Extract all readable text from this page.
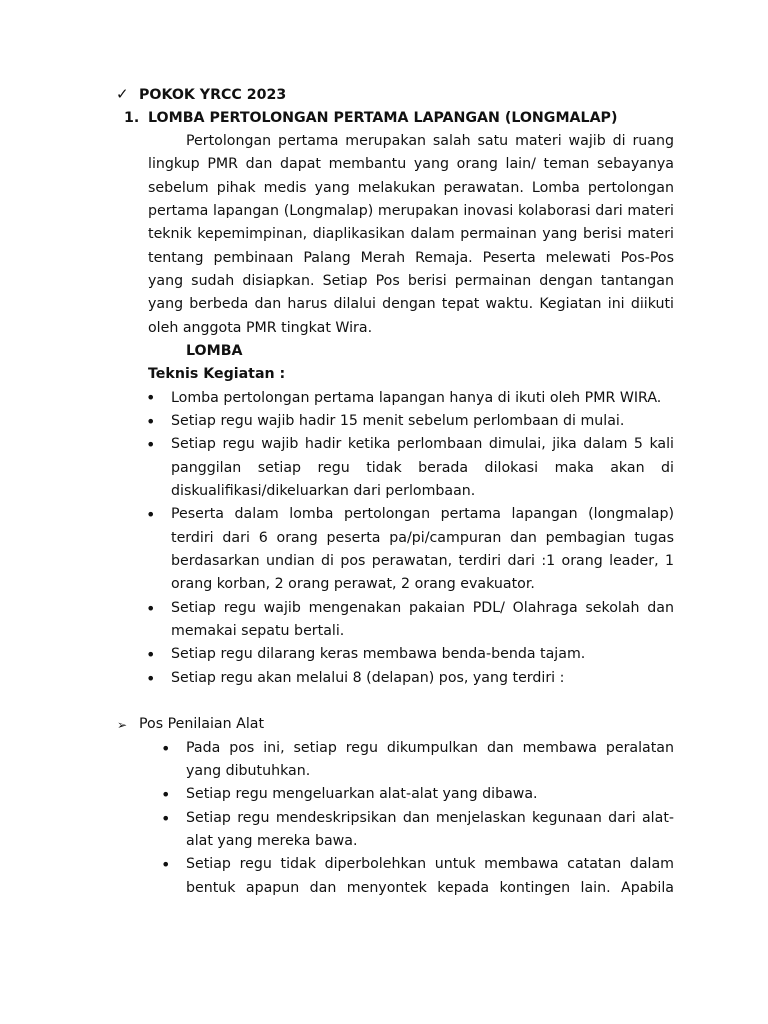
✓ POKOK YRCC 2023
1. LOMBA PERTOLONGAN PERTAMA LAPANGAN (LONGMALAP)
Pertolongan pertama merupakan salah satu materi wajib di ruang
lingkup PMR dan dapat membantu yang orang lain/ teman sebayanya
sebelum pihak medis yang melakukan perawatan. Lomba pertolongan
pertama lapangan (Longmalap) merupakan inovasi kolaborasi dari materi
teknik kepemimpinan, diaplikasikan dalam permainan yang berisi materi
tentang pembinaan Palang Merah Remaja. Peserta melewati Pos-Pos
yang sudah disiapkan. Setiap Pos berisi permainan dengan tantangan
yang berbeda dan harus dilalui dengan tepat waktu. Kegiatan ini diikuti
oleh anggota PMR tingkat Wira.
LOMBA
Teknis Kegiatan :
• Lomba pertolongan pertama lapangan hanya di ikuti oleh PMR WIRA.
• Setiap regu wajib hadir 15 menit sebelum perlombaan di mulai.
• Setiap regu wajib hadir ketika perlombaan dimulai, jika dalam 5 kali
panggilan setiap regu tidak berada dilokasi maka akan di
diskualifikasi/dikeluarkan dari perlombaan.
• Peserta dalam lomba pertolongan pertama lapangan (longmalap)
terdiri dari 6 orang peserta pa/pi/campuran dan pembagian tugas
berdasarkan undian di pos perawatan, terdiri dari :1 orang leader, 1
orang korban, 2 orang perawat, 2 orang evakuator.
• Setiap regu wajib mengenakan pakaian PDL/ Olahraga sekolah dan
memakai sepatu bertali.
• Setiap regu dilarang keras membawa benda-benda tajam.
• Setiap regu akan melalui 8 (delapan) pos, yang terdiri :
➢ Pos Penilaian Alat
• Pada pos ini, setiap regu dikumpulkan dan membawa peralatan
yang dibutuhkan.
• Setiap regu mengeluarkan alat-alat yang dibawa.
• Setiap regu mendeskripsikan dan menjelaskan kegunaan dari alat-
alat yang mereka bawa.
• Setiap regu tidak diperbolehkan untuk membawa catatan dalam
bentuk apapun dan menyontek kepada kontingen lain. Apabila
